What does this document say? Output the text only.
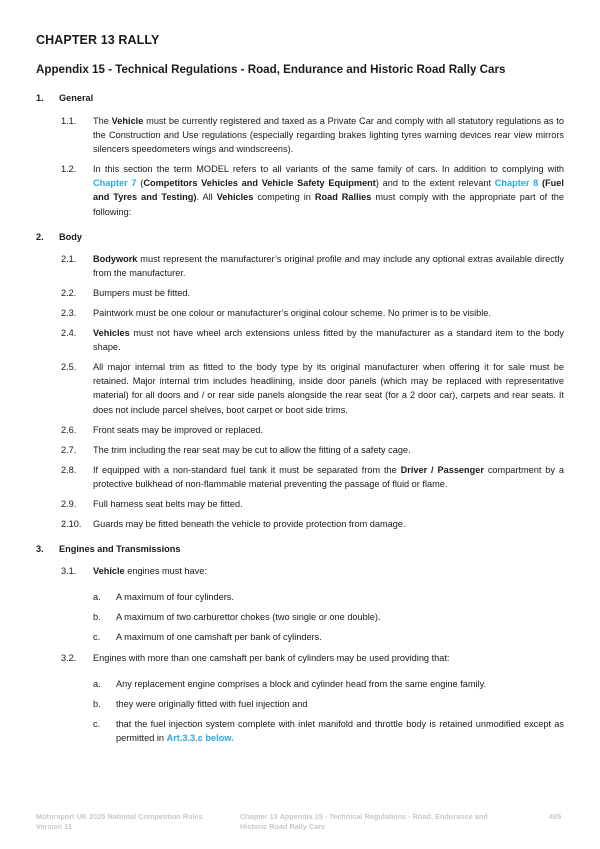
CHAPTER 13 RALLY
Appendix 15 - Technical Regulations - Road, Endurance and Historic Road Rally Cars
1. General
1.1. The Vehicle must be currently registered and taxed as a Private Car and comply with all statutory regulations as to the Construction and Use regulations (especially regarding brakes lighting tyres warning devices rear view mirrors silencers speedometers wings and windscreens).
1.2. In this section the term MODEL refers to all variants of the same family of cars. In addition to complying with Chapter 7 (Competitors Vehicles and Vehicle Safety Equipment) and to the extent relevant Chapter 8 (Fuel and Tyres and Testing). All Vehicles competing in Road Rallies must comply with the appropriate part of the following:
2. Body
2.1. Bodywork must represent the manufacturer’s original profile and may include any optional extras available directly from the manufacturer.
2.2. Bumpers must be fitted.
2.3. Paintwork must be one colour or manufacturer’s original colour scheme. No primer is to be visible.
2.4. Vehicles must not have wheel arch extensions unless fitted by the manufacturer as a standard item to the body shape.
2.5. All major internal trim as fitted to the body type by its original manufacturer when offering it for sale must be retained. Major internal trim includes headlining, inside door panels (which may be replaced with representative material) for all doors and / or rear side panels alongside the rear seat (for a 2 door car), carpets and rear seats. It does not include parcel shelves, boot carpet or boot side trims.
2.6. Front seats may be improved or replaced.
2.7. The trim including the rear seat may be cut to allow the fitting of a safety cage.
2.8. If equipped with a non-standard fuel tank it must be separated from the Driver / Passenger compartment by a protective bulkhead of non-flammable material preventing the passage of fluid or flame.
2.9. Full harness seat belts may be fitted.
2.10. Guards may be fitted beneath the vehicle to provide protection from damage.
3. Engines and Transmissions
3.1. Vehicle engines must have:
a. A maximum of four cylinders.
b. A maximum of two carburettor chokes (two single or one double).
c. A maximum of one camshaft per bank of cylinders.
3.2. Engines with more than one camshaft per bank of cylinders may be used providing that:
a. Any replacement engine comprises a block and cylinder head from the same engine family.
b. they were originally fitted with fuel injection and
c. that the fuel injection system complete with inlet manifold and throttle body is retained unmodified except as permitted in Art.3.3.c below.
Motorsport UK 2025 National Competition Rules
Version 11
Chapter 13 Appendix 15 - Technical Regulations - Road, Endurance and
Historic Road Rally Cars
495
